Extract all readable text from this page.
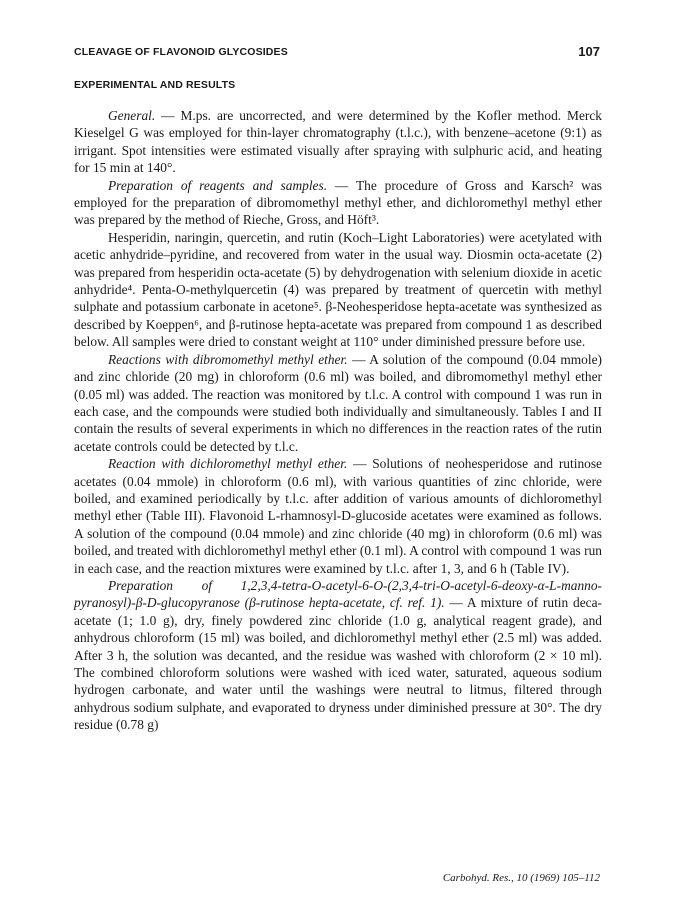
CLEAVAGE OF FLAVONOID GLYCOSIDES	107
EXPERIMENTAL AND RESULTS

General. — M.ps. are uncorrected, and were determined by the Kofler method. Merck Kieselgel G was employed for thin-layer chromatography (t.l.c.), with benzene–acetone (9:1) as irrigant. Spot intensities were estimated visually after spraying with sulphuric acid, and heating for 15 min at 140°.

Preparation of reagents and samples. — The procedure of Gross and Karsch² was employed for the preparation of dibromomethyl methyl ether, and dichloromethyl methyl ether was prepared by the method of Rieche, Gross, and Höft³.

Hesperidin, naringin, quercetin, and rutin (Koch–Light Laboratories) were acetylated with acetic anhydride–pyridine, and recovered from water in the usual way. Diosmin octa-acetate (2) was prepared from hesperidin octa-acetate (5) by dehydrogenation with selenium dioxide in acetic anhydride⁴. Penta-O-methylquercetin (4) was prepared by treatment of quercetin with methyl sulphate and potassium carbonate in acetone⁵. β-Neohesperidose hepta-acetate was synthesized as described by Koeppen⁶, and β-rutinose hepta-acetate was prepared from compound 1 as described below. All samples were dried to constant weight at 110° under diminished pressure before use.

Reactions with dibromomethyl methyl ether. — A solution of the compound (0.04 mmole) and zinc chloride (20 mg) in chloroform (0.6 ml) was boiled, and dibromomethyl methyl ether (0.05 ml) was added. The reaction was monitored by t.l.c. A control with compound 1 was run in each case, and the compounds were studied both individually and simultaneously. Tables I and II contain the results of several experiments in which no differences in the reaction rates of the rutin acetate controls could be detected by t.l.c.

Reaction with dichloromethyl methyl ether. — Solutions of neohesperidose and rutinose acetates (0.04 mmole) in chloroform (0.6 ml), with various quantities of zinc chloride, were boiled, and examined periodically by t.l.c. after addition of various amounts of dichloromethyl methyl ether (Table III). Flavonoid L-rhamnosyl-D-glucoside acetates were examined as follows. A solution of the compound (0.04 mmole) and zinc chloride (40 mg) in chloroform (0.6 ml) was boiled, and treated with dichloromethyl methyl ether (0.1 ml). A control with compound 1 was run in each case, and the reaction mixtures were examined by t.l.c. after 1, 3, and 6 h (Table IV).

Preparation of 1,2,3,4-tetra-O-acetyl-6-O-(2,3,4-tri-O-acetyl-6-deoxy-α-L-manno-pyranosyl)-β-D-glucopyranose (β-rutinose hepta-acetate, cf. ref. 1). — A mixture of rutin deca-acetate (1; 1.0 g), dry, finely powdered zinc chloride (1.0 g, analytical reagent grade), and anhydrous chloroform (15 ml) was boiled, and dichloromethyl methyl ether (2.5 ml) was added. After 3 h, the solution was decanted, and the residue was washed with chloroform (2 × 10 ml). The combined chloroform solutions were washed with iced water, saturated, aqueous sodium hydrogen carbonate, and water until the washings were neutral to litmus, filtered through anhydrous sodium sulphate, and evaporated to dryness under diminished pressure at 30°. The dry residue (0.78 g)

Carbohyd. Res., 10 (1969) 105–112
